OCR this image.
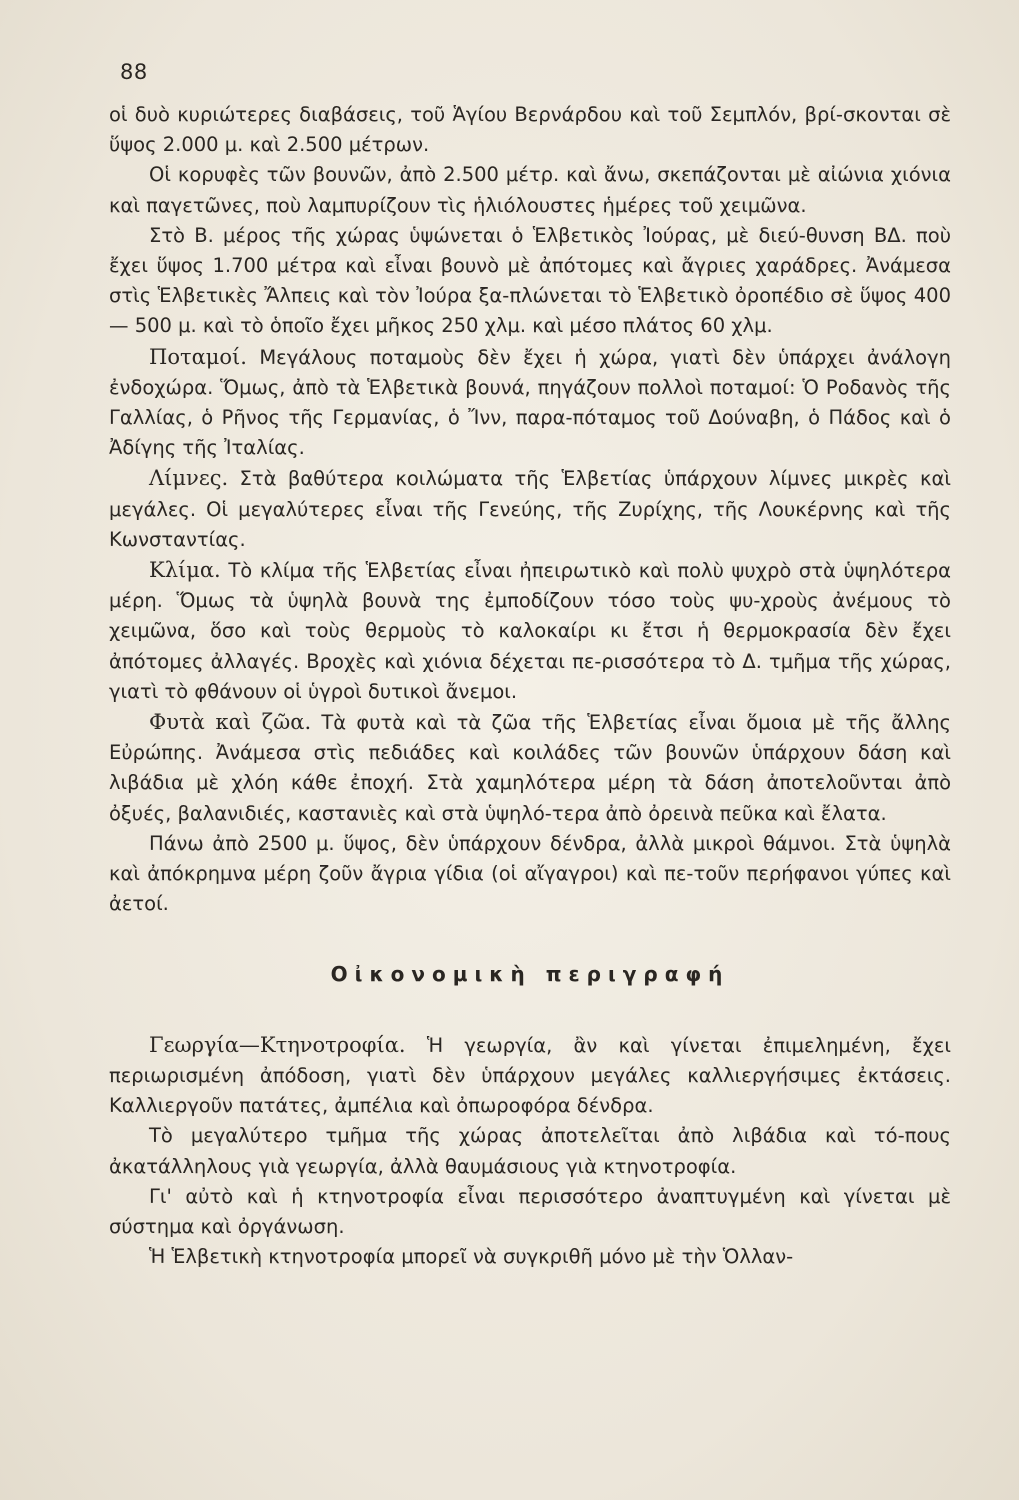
88

οἱ δυὸ κυριώτερες διαβάσεις, τοῦ Ἁγίου Βερνάρδου καὶ τοῦ Σεμπλόν, βρί-σκονται σὲ ὕψος 2.000 μ. καὶ 2.500 μέτρων.

Οἱ κορυφὲς τῶν βουνῶν, ἀπὸ 2.500 μέτρ. καὶ ἄνω, σκεπάζονται μὲ αἰώνια χιόνια καὶ παγετῶνες, ποὺ λαμπυρίζουν τὶς ἡλιόλουστες ἡμέρες τοῦ χειμῶνα.

Στὸ Β. μέρος τῆς χώρας ὑψώνεται ὁ Ἑλβετικὸς Ἰούρας, μὲ διεύ-θυνση ΒΔ. ποὺ ἔχει ὕψος 1.700 μέτρα καὶ εἶναι βουνὸ μὲ ἀπότομες καὶ ἄγριες χαράδρες. Ἀνάμεσα στὶς Ἑλβετικὲς Ἄλπεις καὶ τὸν Ἰούρα ξα-πλώνεται τὸ Ἑλβετικὸ ὀροπέδιο σὲ ὕψος 400 — 500 μ. καὶ τὸ ὁποῖο ἔχει μῆκος 250 χλμ. καὶ μέσο πλάτος 60 χλμ.

Ποταμοί. Μεγάλους ποταμοὺς δὲν ἔχει ἡ χώρα, γιατὶ δὲν ὑπάρχει ἀνάλογη ἐνδοχώρα. Ὅμως, ἀπὸ τὰ Ἑλβετικὰ βουνά, πηγάζουν πολλοὶ ποταμοί: Ὁ Ροδανὸς τῆς Γαλλίας, ὁ Ρῆνος τῆς Γερμανίας, ὁ Ἴνν, παρα-πόταμος τοῦ Δούναβη, ὁ Πάδος καὶ ὁ Ἀδίγης τῆς Ἰταλίας.

Λίμνες. Στὰ βαθύτερα κοιλώματα τῆς Ἑλβετίας ὑπάρχουν λίμνες μικρὲς καὶ μεγάλες. Οἱ μεγαλύτερες εἶναι τῆς Γενεύης, τῆς Ζυρίχης, τῆς Λουκέρνης καὶ τῆς Κωνσταντίας.

Κλίμα. Τὸ κλίμα τῆς Ἑλβετίας εἶναι ἠπειρωτικὸ καὶ πολὺ ψυχρὸ στὰ ὑψηλότερα μέρη. Ὅμως τὰ ὑψηλὰ βουνὰ της ἐμποδίζουν τόσο τοὺς ψυ-χροὺς ἀνέμους τὸ χειμῶνα, ὅσο καὶ τοὺς θερμοὺς τὸ καλοκαίρι κι ἔτσι ἡ θερμοκρασία δὲν ἔχει ἀπότομες ἀλλαγές. Βροχὲς καὶ χιόνια δέχεται πε-ρισσότερα τὸ Δ. τμῆμα τῆς χώρας, γιατὶ τὸ φθάνουν οἱ ὑγροὶ δυτικοὶ ἄνεμοι.

Φυτὰ καὶ ζῶα. Τὰ φυτὰ καὶ τὰ ζῶα τῆς Ἑλβετίας εἶναι ὅμοια μὲ τῆς ἄλλης Εὐρώπης. Ἀνάμεσα στὶς πεδιάδες καὶ κοιλάδες τῶν βουνῶν ὑπάρχουν δάση καὶ λιβάδια μὲ χλόη κάθε ἐποχή. Στὰ χαμηλότερα μέρη τὰ δάση ἀποτελοῦνται ἀπὸ ὀξυές, βαλανιδιές, καστανιὲς καὶ στὰ ὑψηλό-τερα ἀπὸ ὀρεινὰ πεῦκα καὶ ἔλατα.

Πάνω ἀπὸ 2500 μ. ὕψος, δὲν ὑπάρχουν δένδρα, ἀλλὰ μικροὶ θάμνοι. Στὰ ὑψηλὰ καὶ ἀπόκρημνα μέρη ζοῦν ἄγρια γίδια (οἱ αἴγαγροι) καὶ πε-τοῦν περήφανοι γύπες καὶ ἀετοί.

Οἰκονομικὴ περιγραφή

Γεωργία—Κτηνοτροφία. Ἡ γεωργία, ἂν καὶ γίνεται ἐπιμελημένη, ἔχει περιωρισμένη ἀπόδοση, γιατὶ δὲν ὑπάρχουν μεγάλες καλλιεργήσιμες ἐκτάσεις. Καλλιεργοῦν πατάτες, ἀμπέλια καὶ ὀπωροφόρα δένδρα.

Τὸ μεγαλύτερο τμῆμα τῆς χώρας ἀποτελεῖται ἀπὸ λιβάδια καὶ τό-πους ἀκατάλληλους γιὰ γεωργία, ἀλλὰ θαυμάσιους γιὰ κτηνοτροφία.

Γι' αὐτὸ καὶ ἡ κτηνοτροφία εἶναι περισσότερο ἀναπτυγμένη καὶ γίνεται μὲ σύστημα καὶ ὀργάνωση.

Ἡ Ἑλβετικὴ κτηνοτροφία μπορεῖ νὰ συγκριθῆ μόνο μὲ τὴν Ὁλλαν-
